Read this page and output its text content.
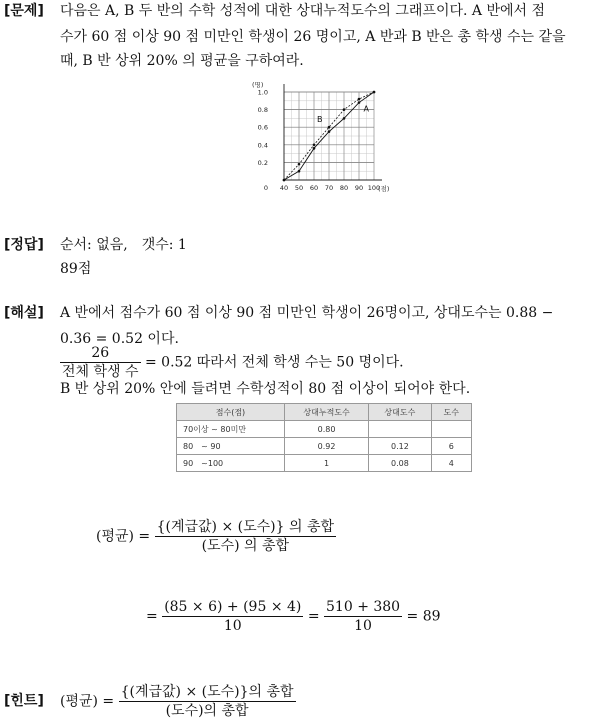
[문제] 다음은 A, B 두 반의 수학 성적에 대한 상대누적도수의 그래프이다. A 반에서 점
수가 60 점 이상 90 점 미만인 학생이 26 명이고, A 반과 B 반은 총 학생 수는 같을
때, B 반 상위 20% 의 평균을 구하여라.
A
B
40 50 60 70 80 90 100
0.2
0.4
0.6
0.8
1.0
0
(명)
(점)
[정답] 순서: 없음,　갯수: 1
89점
[해설] A 반에서 점수가 60 점 이상 90 점 미만인 학생이 26명이고, 상대도수는 0.88 −
0.36 = 0.52 이다.
$\frac{26}{\text{전체 학생 수}} = 0.52$ 따라서 전체 학생 수는 50 명이다.
B 반 상위 20% 안에 들려면 수학성적이 80 점 이상이 되어야 한다.
점수(점)	상대누적도수	상대도수	도수
70이상 ~ 80미만	0.80		
80　~ 90	0.92	0.12	6
90　~100	1	0.08	4
(평균) = $\frac{\text{\{(계급값) × (도수)\} 의 총합}}{\text{(도수) 의 총합}}$
= $\frac{(85 \times 6) + (95 \times 4)}{10} = \frac{510 + 380}{10} = 89$
[힌트] (평균) = $\frac{\text{\{(계급값) × (도수)\}의 총합}}{\text{(도수)의 총합}}$
